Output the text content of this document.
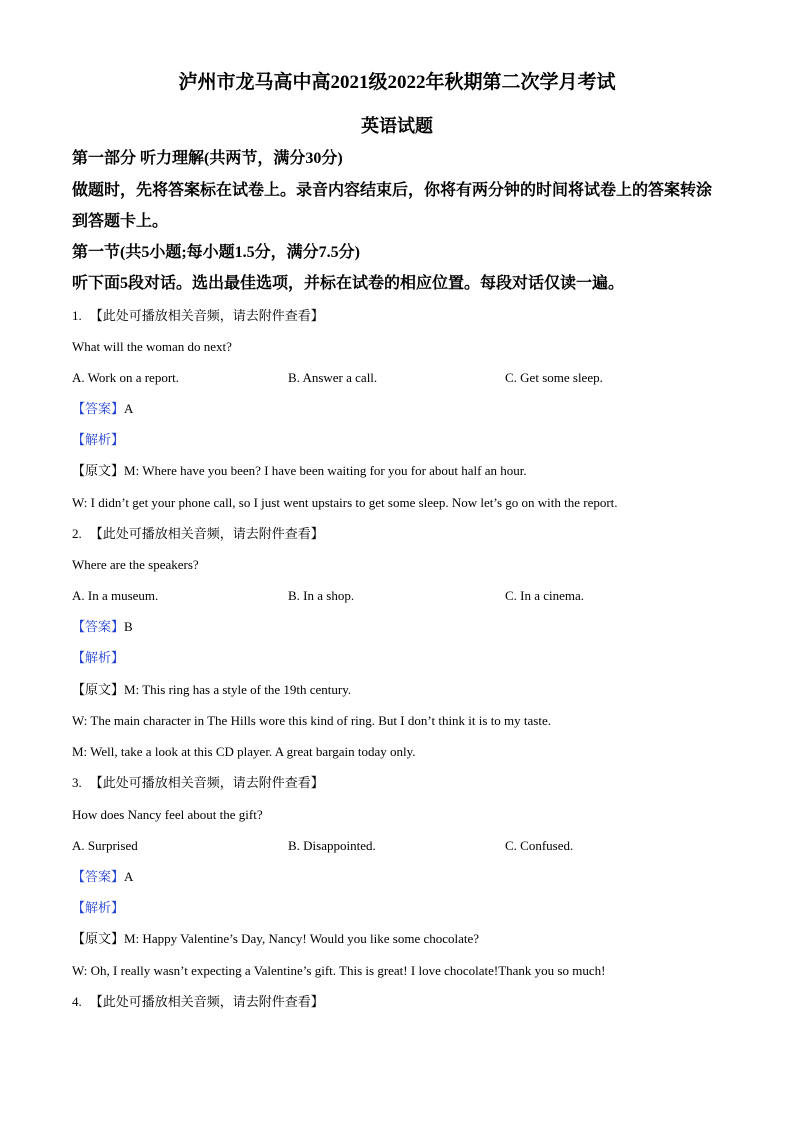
泸州市龙马高中高2021级2022年秋期第二次学月考试
英语试题
第一部分 听力理解(共两节，满分30分)
做题时，先将答案标在试卷上。录音内容结束后，你将有两分钟的时间将试卷上的答案转涂
到答题卡上。
第一节(共5小题;每小题1.5分，满分7.5分)
听下面5段对话。选出最佳选项，并标在试卷的相应位置。每段对话仅读一遍。
1. 【此处可播放相关音频，请去附件查看】
What will the woman do next?
A. Work on a report.	B. Answer a call.	C. Get some sleep.
【答案】A
【解析】
【原文】M: Where have you been? I have been waiting for you for about half an hour.
W: I didn’t get your phone call, so I just went upstairs to get some sleep. Now let’s go on with the report.
2. 【此处可播放相关音频，请去附件查看】
Where are the speakers?
A. In a museum.	B. In a shop.	C. In a cinema.
【答案】B
【解析】
【原文】M: This ring has a style of the 19th century.
W: The main character in The Hills wore this kind of ring. But I don’t think it is to my taste.
M: Well, take a look at this CD player. A great bargain today only.
3. 【此处可播放相关音频，请去附件查看】
How does Nancy feel about the gift?
A. Surprised	B. Disappointed.	C. Confused.
【答案】A
【解析】
【原文】M: Happy Valentine’s Day, Nancy! Would you like some chocolate?
W: Oh, I really wasn’t expecting a Valentine’s gift. This is great! I love chocolate!Thank you so much!
4. 【此处可播放相关音频，请去附件查看】
